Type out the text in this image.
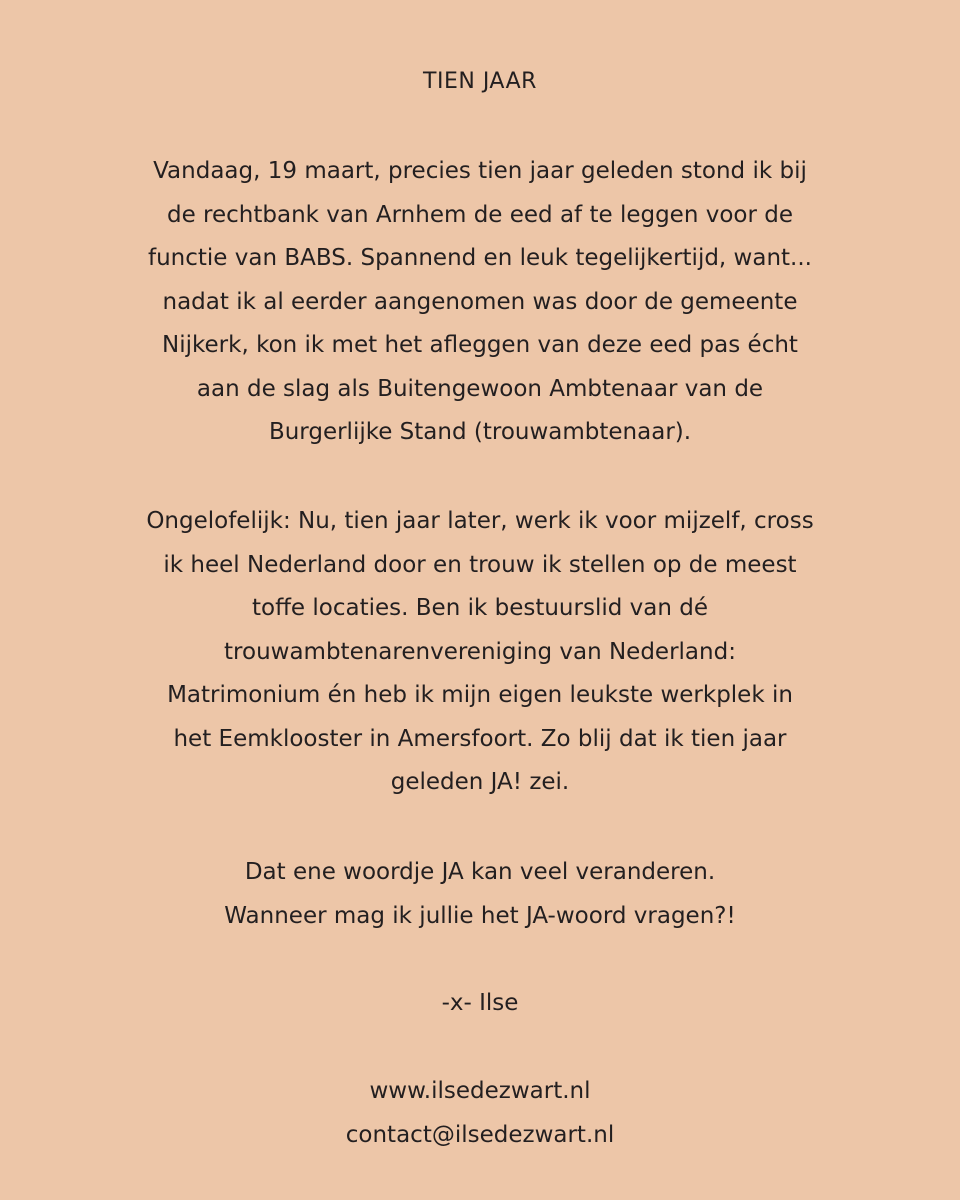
TIEN JAAR
Vandaag, 19 maart, precies tien jaar geleden stond ik bij
de rechtbank van Arnhem de eed af te leggen voor de
functie van BABS. Spannend en leuk tegelijkertijd, want...
nadat ik al eerder aangenomen was door de gemeente
Nijkerk, kon ik met het afleggen van deze eed pas écht
aan de slag als Buitengewoon Ambtenaar van de
Burgerlijke Stand (trouwambtenaar).
Ongelofelijk: Nu, tien jaar later, werk ik voor mijzelf, cross
ik heel Nederland door en trouw ik stellen op de meest
toffe locaties. Ben ik bestuurslid van dé
trouwambtenarenvereniging van Nederland:
Matrimonium én heb ik mijn eigen leukste werkplek in
het Eemklooster in Amersfoort. Zo blij dat ik tien jaar
geleden JA! zei.
Dat ene woordje JA kan veel veranderen.
Wanneer mag ik jullie het JA-woord vragen?!
-x- Ilse
www.ilsedezwart.nl
contact@ilsedezwart.nl
